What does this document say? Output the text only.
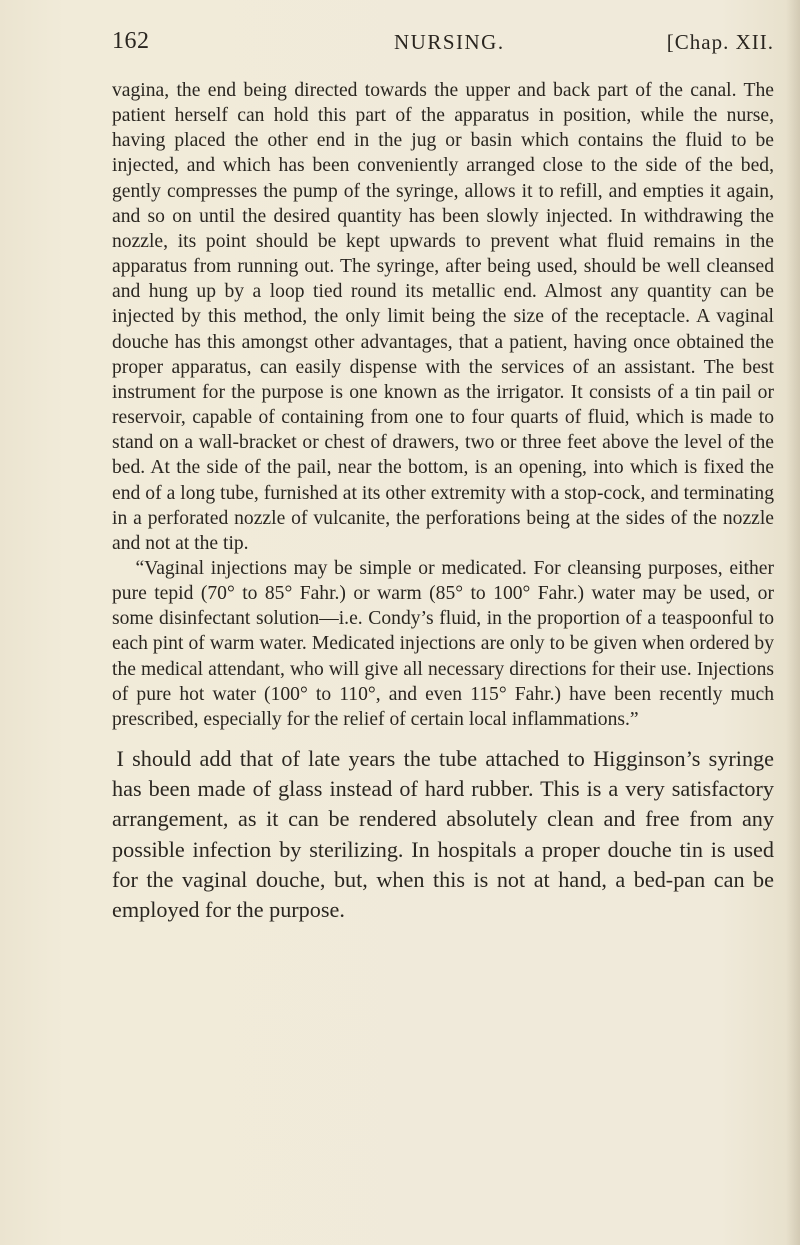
162	NURSING.	[Chap. XII.

vagina, the end being directed towards the upper and back part of the canal. The patient herself can hold this part of the apparatus in position, while the nurse, having placed the other end in the jug or basin which contains the fluid to be injected, and which has been conveniently arranged close to the side of the bed, gently compresses the pump of the syringe, allows it to refill, and empties it again, and so on until the desired quantity has been slowly injected. In withdrawing the nozzle, its point should be kept upwards to prevent what fluid remains in the apparatus from running out. The syringe, after being used, should be well cleansed and hung up by a loop tied round its metallic end. Almost any quantity can be injected by this method, the only limit being the size of the receptacle. A vaginal douche has this amongst other advantages, that a patient, having once obtained the proper apparatus, can easily dispense with the services of an assistant. The best instrument for the purpose is one known as the irrigator. It consists of a tin pail or reservoir, capable of containing from one to four quarts of fluid, which is made to stand on a wall-bracket or chest of drawers, two or three feet above the level of the bed. At the side of the pail, near the bottom, is an opening, into which is fixed the end of a long tube, furnished at its other extremity with a stop-cock, and terminating in a perforated nozzle of vulcanite, the perforations being at the sides of the nozzle and not at the tip.

“Vaginal injections may be simple or medicated. For cleansing purposes, either pure tepid (70° to 85° Fahr.) or warm (85° to 100° Fahr.) water may be used, or some disinfectant solution—i.e. Condy’s fluid, in the proportion of a teaspoonful to each pint of warm water. Medicated injections are only to be given when ordered by the medical attendant, who will give all necessary directions for their use. Injections of pure hot water (100° to 110°, and even 115° Fahr.) have been recently much prescribed, especially for the relief of certain local inflammations.”

I should add that of late years the tube attached to Higginson’s syringe has been made of glass instead of hard rubber. This is a very satisfactory arrangement, as it can be rendered absolutely clean and free from any possible infection by sterilizing. In hospitals a proper douche tin is used for the vaginal douche, but, when this is not at hand, a bed-pan can be employed for the purpose.
